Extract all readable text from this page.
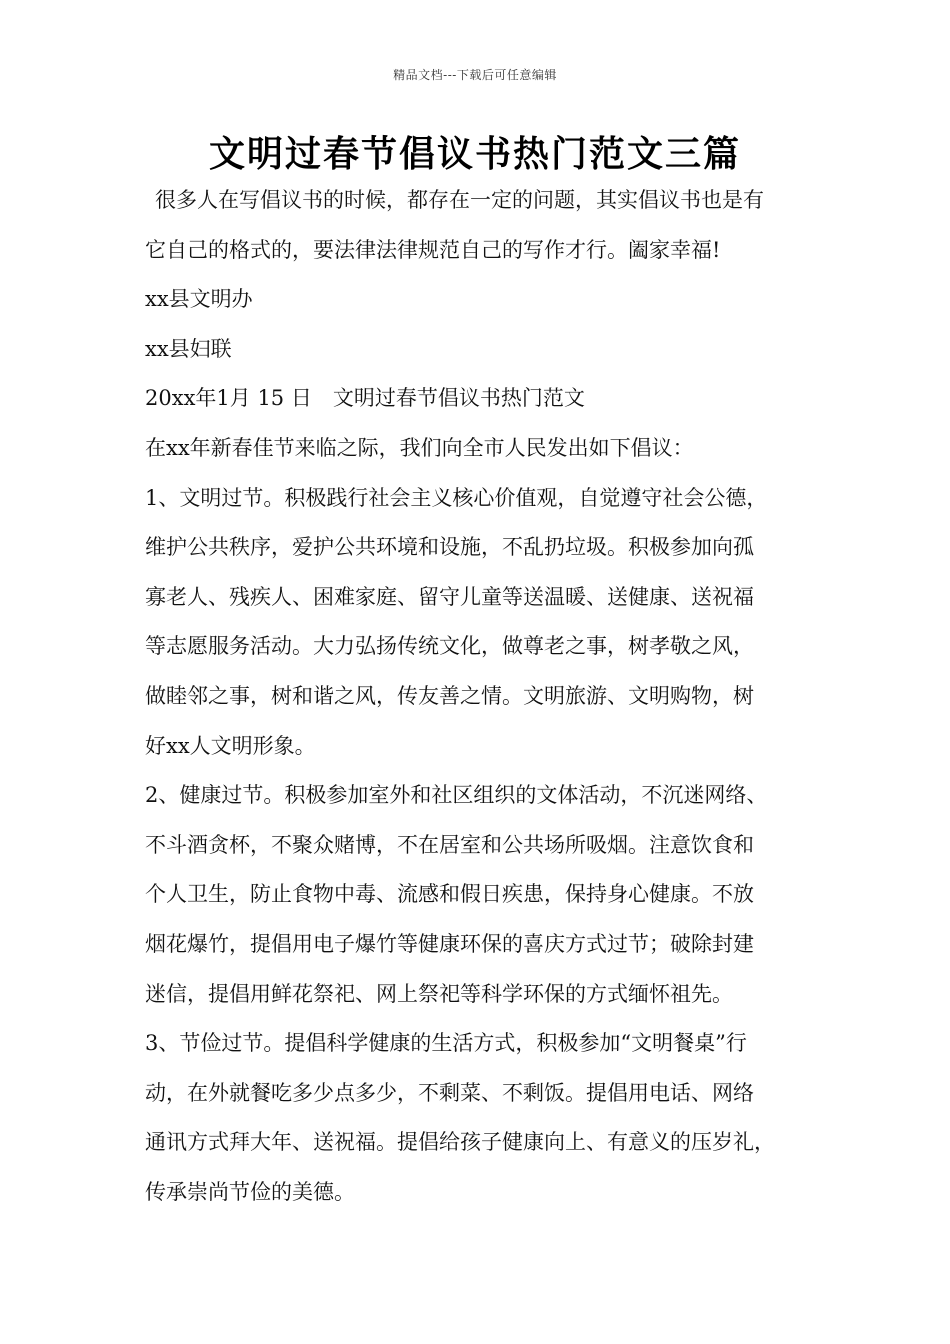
精品文档---下载后可任意编辑
文明过春节倡议书热门范文三篇
很多人在写倡议书的时候，都存在一定的问题，其实倡议书也是有
它自己的格式的，要法律法律规范自己的写作才行。阖家幸福!
xx县文明办
xx县妇联
20xx年1月 15 日　文明过春节倡议书热门范文
在xx年新春佳节来临之际，我们向全市人民发出如下倡议：
1、文明过节。积极践行社会主义核心价值观，自觉遵守社会公德，
维护公共秩序，爱护公共环境和设施，不乱扔垃圾。积极参加向孤
寡老人、残疾人、困难家庭、留守儿童等送温暖、送健康、送祝福
等志愿服务活动。大力弘扬传统文化，做尊老之事，树孝敬之风，
做睦邻之事，树和谐之风，传友善之情。文明旅游、文明购物，树
好xx人文明形象。
2、健康过节。积极参加室外和社区组织的文体活动，不沉迷网络、
不斗酒贪杯，不聚众赌博，不在居室和公共场所吸烟。注意饮食和
个人卫生，防止食物中毒、流感和假日疾患，保持身心健康。不放
烟花爆竹，提倡用电子爆竹等健康环保的喜庆方式过节；破除封建
迷信，提倡用鲜花祭祀、网上祭祀等科学环保的方式缅怀祖先。
3、节俭过节。提倡科学健康的生活方式，积极参加“文明餐桌”行
动，在外就餐吃多少点多少，不剩菜、不剩饭。提倡用电话、网络
通讯方式拜大年、送祝福。提倡给孩子健康向上、有意义的压岁礼，
传承崇尚节俭的美德。
